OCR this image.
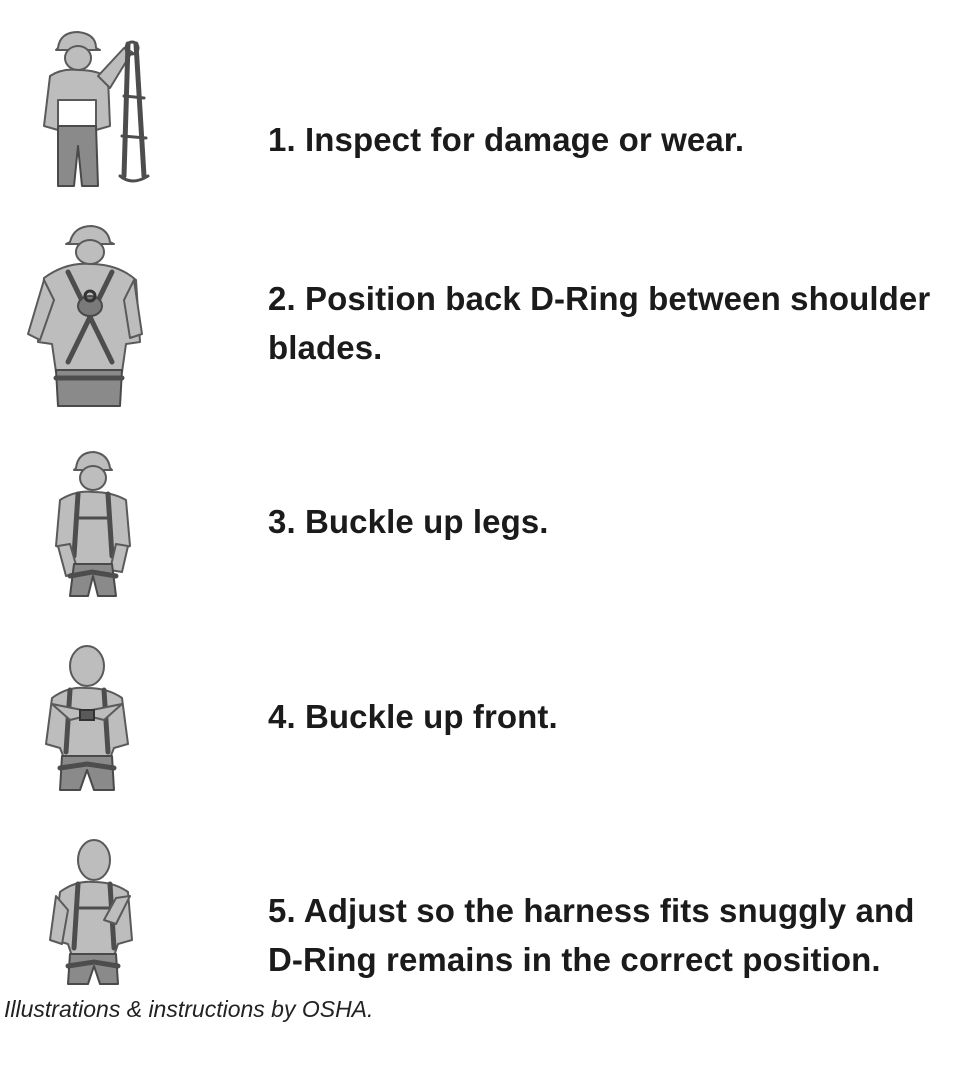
1. Inspect for damage or wear.
2. Position back D-Ring between shoulder blades.
3. Buckle up legs.
4. Buckle up front.
5. Adjust so the harness fits snuggly and D-Ring remains in the correct position.
Illustrations & instructions by OSHA.
